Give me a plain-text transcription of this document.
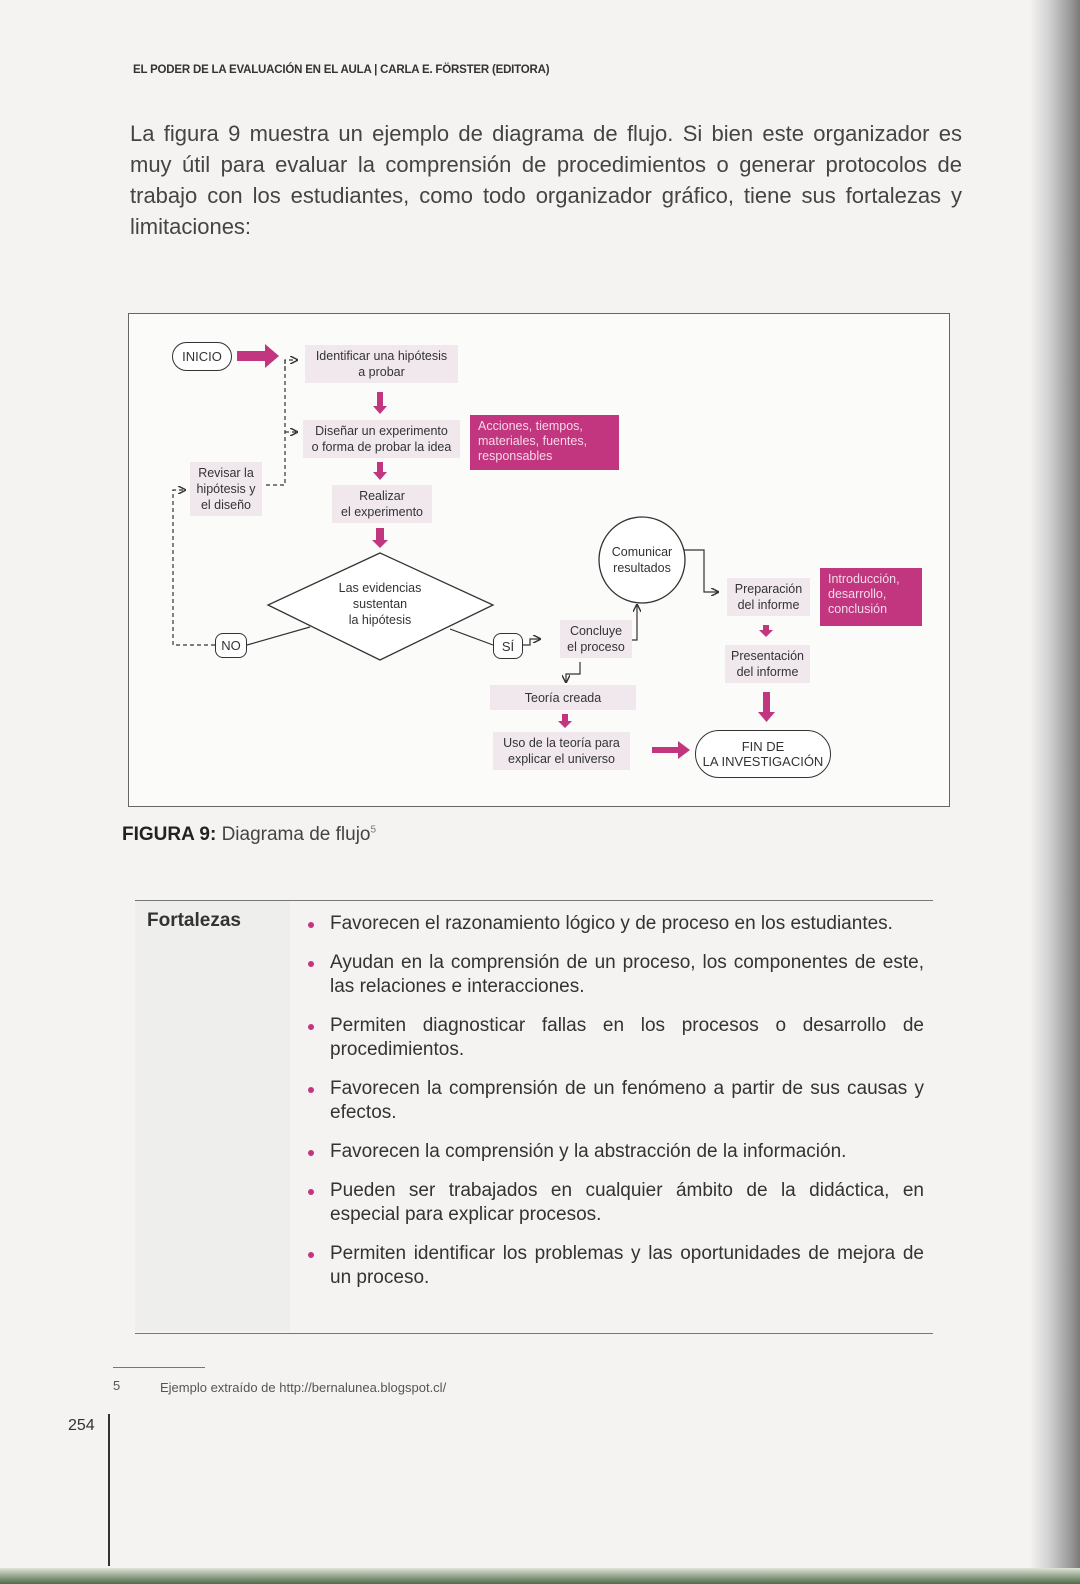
EL PODER DE LA EVALUACIÓN EN EL AULA | CARLA E. FÖRSTER (EDITORA)
La figura 9 muestra un ejemplo de diagrama de flujo. Si bien este organizador es muy útil para evaluar la comprensión de procedimientos o generar protocolos de trabajo con los estudiantes, como todo organizador gráfico, tiene sus fortalezas y limitaciones:
INICIO	Identificar una hipótesis
a probar
Diseñar un experimento
o forma de probar la idea
Acciones, tiempos,
materiales, fuentes,
responsables
Revisar la
hipótesis y
el diseño
Realizar
el experimento
Las evidencias
sustentan
la hipótesis
NO	SÍ
Concluye
el proceso
Comunicar
resultados
Preparación
del informe
Introducción,
desarrollo,
conclusión
Presentación
del informe
Teoría creada
Uso de la teoría para
explicar el universo
FIN DE
LA INVESTIGACIÓN
FIGURA 9: Diagrama de flujo$^5$
Fortalezas	Favorecen el razonamiento lógico y de proceso en los estudiantes.
Ayudan en la comprensión de un proceso, los componentes de este, las relaciones e interacciones.
Permiten diagnosticar fallas en los procesos o desarrollo de procedimientos.
Favorecen la comprensión de un fenómeno a partir de sus causas y efectos.
Favorecen la comprensión y la abstracción de la información.
Pueden ser trabajados en cualquier ámbito de la didáctica, en especial para explicar procesos.
Permiten identificar los problemas y las oportunidades de mejora de un proceso.
5	Ejemplo extraído de http://bernalunea.blogspot.cl/
254
